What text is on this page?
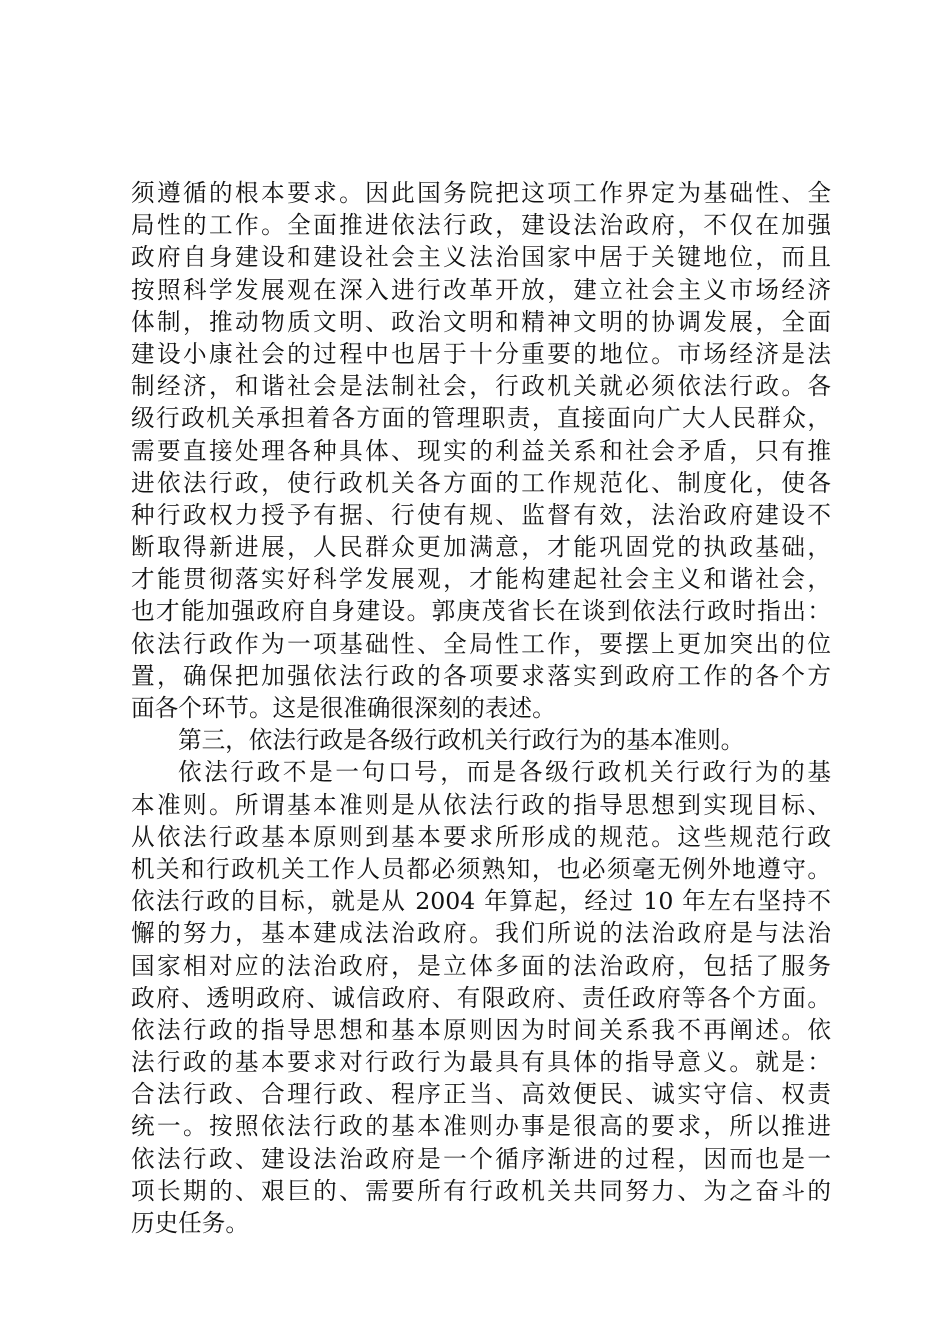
须遵循的根本要求。因此国务院把这项工作界定为基础性、全
局性的工作。全面推进依法行政，建设法治政府，不仅在加强
政府自身建设和建设社会主义法治国家中居于关键地位，而且
按照科学发展观在深入进行改革开放，建立社会主义市场经济
体制，推动物质文明、政治文明和精神文明的协调发展，全面
建设小康社会的过程中也居于十分重要的地位。市场经济是法
制经济，和谐社会是法制社会，行政机关就必须依法行政。各
级行政机关承担着各方面的管理职责，直接面向广大人民群众，
需要直接处理各种具体、现实的利益关系和社会矛盾，只有推
进依法行政，使行政机关各方面的工作规范化、制度化，使各
种行政权力授予有据、行使有规、监督有效，法治政府建设不
断取得新进展，人民群众更加满意，才能巩固党的执政基础，
才能贯彻落实好科学发展观，才能构建起社会主义和谐社会，
也才能加强政府自身建设。郭庚茂省长在谈到依法行政时指出：
依法行政作为一项基础性、全局性工作，要摆上更加突出的位
置，确保把加强依法行政的各项要求落实到政府工作的各个方
面各个环节。这是很准确很深刻的表述。
第三，依法行政是各级行政机关行政行为的基本准则。
依法行政不是一句口号，而是各级行政机关行政行为的基
本准则。所谓基本准则是从依法行政的指导思想到实现目标、
从依法行政基本原则到基本要求所形成的规范。这些规范行政
机关和行政机关工作人员都必须熟知，也必须毫无例外地遵守。
依法行政的目标，就是从 2004 年算起，经过 10 年左右坚持不
懈的努力，基本建成法治政府。我们所说的法治政府是与法治
国家相对应的法治政府，是立体多面的法治政府，包括了服务
政府、透明政府、诚信政府、有限政府、责任政府等各个方面。
依法行政的指导思想和基本原则因为时间关系我不再阐述。依
法行政的基本要求对行政行为最具有具体的指导意义。就是：
合法行政、合理行政、程序正当、高效便民、诚实守信、权责
统一。按照依法行政的基本准则办事是很高的要求，所以推进
依法行政、建设法治政府是一个循序渐进的过程，因而也是一
项长期的、艰巨的、需要所有行政机关共同努力、为之奋斗的
历史任务。
